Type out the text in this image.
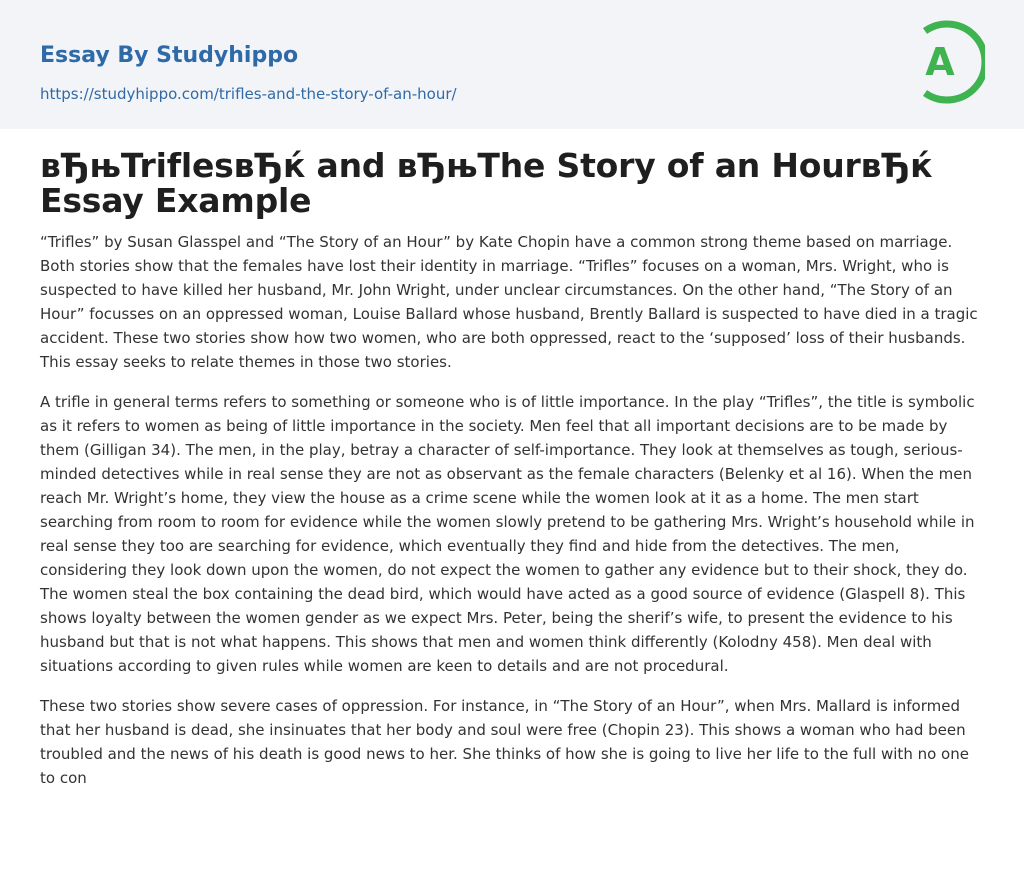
Essay By Studyhippo
https://studyhippo.com/trifles-and-the-story-of-an-hour/
A
вЂњTriflesвЂќ and вЂњThe Story of an HourвЂќ Essay Example

“Trifles” by Susan Glasspel and “The Story of an Hour” by Kate Chopin have a common strong theme based on marriage. Both stories show that the females have lost their identity in marriage. “Trifles” focuses on a woman, Mrs. Wright, who is suspected to have killed her husband, Mr. John Wright, under unclear circumstances. On the other hand, “The Story of an Hour” focusses on an oppressed woman, Louise Ballard whose husband, Brently Ballard is suspected to have died in a tragic accident. These two stories show how two women, who are both oppressed, react to the ‘supposed’ loss of their husbands. This essay seeks to relate themes in those two stories.

A trifle in general terms refers to something or someone who is of little importance. In the play “Trifles”, the title is symbolic as it refers to women as being of little importance in the society. Men feel that all important decisions are to be made by them (Gilligan 34). The men, in the play, betray a character of self-importance. They look at themselves as tough, serious-minded detectives while in real sense they are not as observant as the female characters (Belenky et al 16). When the men reach Mr. Wright’s home, they view the house as a crime scene while the women look at it as a home. The men start searching from room to room for evidence while the women slowly pretend to be gathering Mrs. Wright’s household while in real sense they too are searching for evidence, which eventually they find and hide from the detectives. The men, considering they look down upon the women, do not expect the women to gather any evidence but to their shock, they do. The women steal the box containing the dead bird, which would have acted as a good source of evidence (Glaspell 8). This shows loyalty between the women gender as we expect Mrs. Peter, being the sherif’s wife, to present the evidence to his husband but that is not what happens. This shows that men and women think differently (Kolodny 458). Men deal with situations according to given rules while women are keen to details and are not procedural.

These two stories show severe cases of oppression. For instance, in “The Story of an Hour”, when Mrs. Mallard is informed that her husband is dead, she insinuates that her body and soul were free (Chopin 23). This shows a woman who had been troubled and the news of his death is good news to her. She thinks of how she is going to live her life to the full with no one to con
